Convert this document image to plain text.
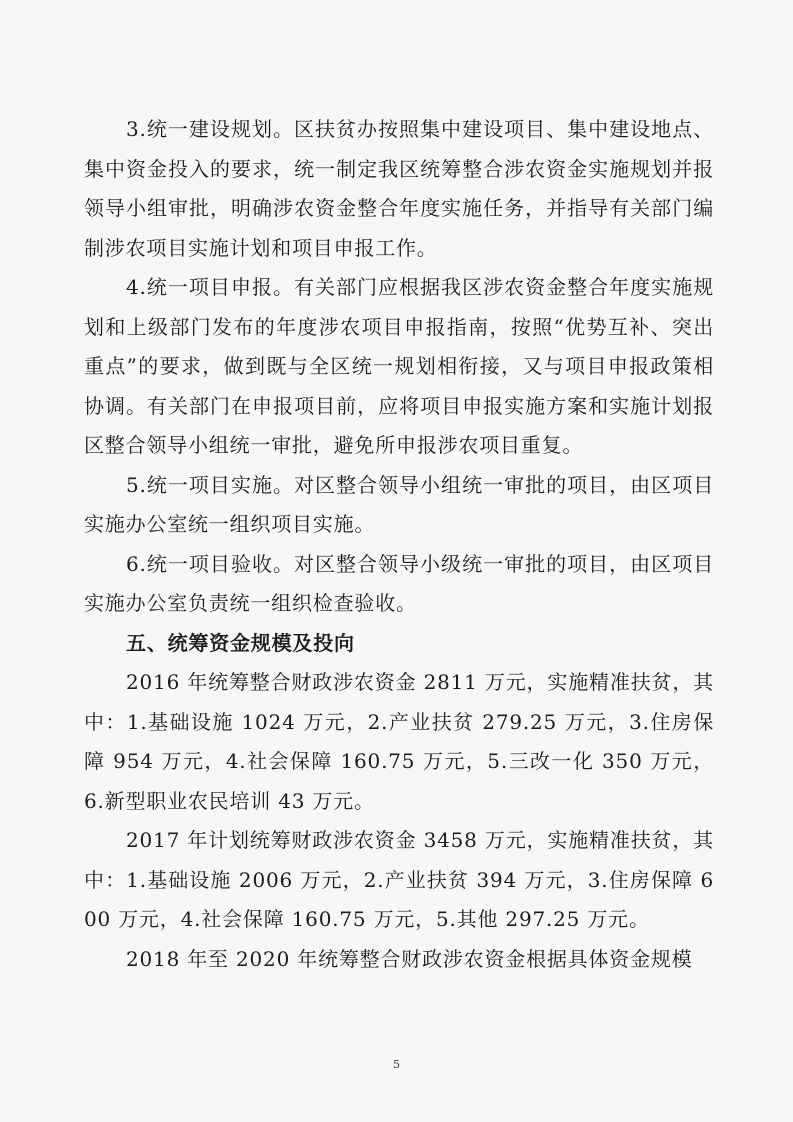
3.统一建设规划。区扶贫办按照集中建设项目、集中建设地点、集中资金投入的要求，统一制定我区统筹整合涉农资金实施规划并报领导小组审批，明确涉农资金整合年度实施任务，并指导有关部门编制涉农项目实施计划和项目申报工作。

4.统一项目申报。有关部门应根据我区涉农资金整合年度实施规划和上级部门发布的年度涉农项目申报指南，按照“优势互补、突出重点”的要求，做到既与全区统一规划相衔接，又与项目申报政策相协调。有关部门在申报项目前，应将项目申报实施方案和实施计划报区整合领导小组统一审批，避免所申报涉农项目重复。

5.统一项目实施。对区整合领导小组统一审批的项目，由区项目实施办公室统一组织项目实施。

6.统一项目验收。对区整合领导小级统一审批的项目，由区项目实施办公室负责统一组织检查验收。

五、统筹资金规模及投向

2016 年统筹整合财政涉农资金 2811 万元，实施精准扶贫，其中：1.基础设施 1024 万元，2.产业扶贫 279.25 万元，3.住房保障 954 万元，4.社会保障 160.75 万元，5.三改一化 350 万元，6.新型职业农民培训 43 万元。

2017 年计划统筹财政涉农资金 3458 万元，实施精准扶贫，其中：1.基础设施 2006 万元，2.产业扶贫 394 万元，3.住房保障 600 万元，4.社会保障 160.75 万元，5.其他 297.25 万元。

2018 年至 2020 年统筹整合财政涉农资金根据具体资金规模

5
